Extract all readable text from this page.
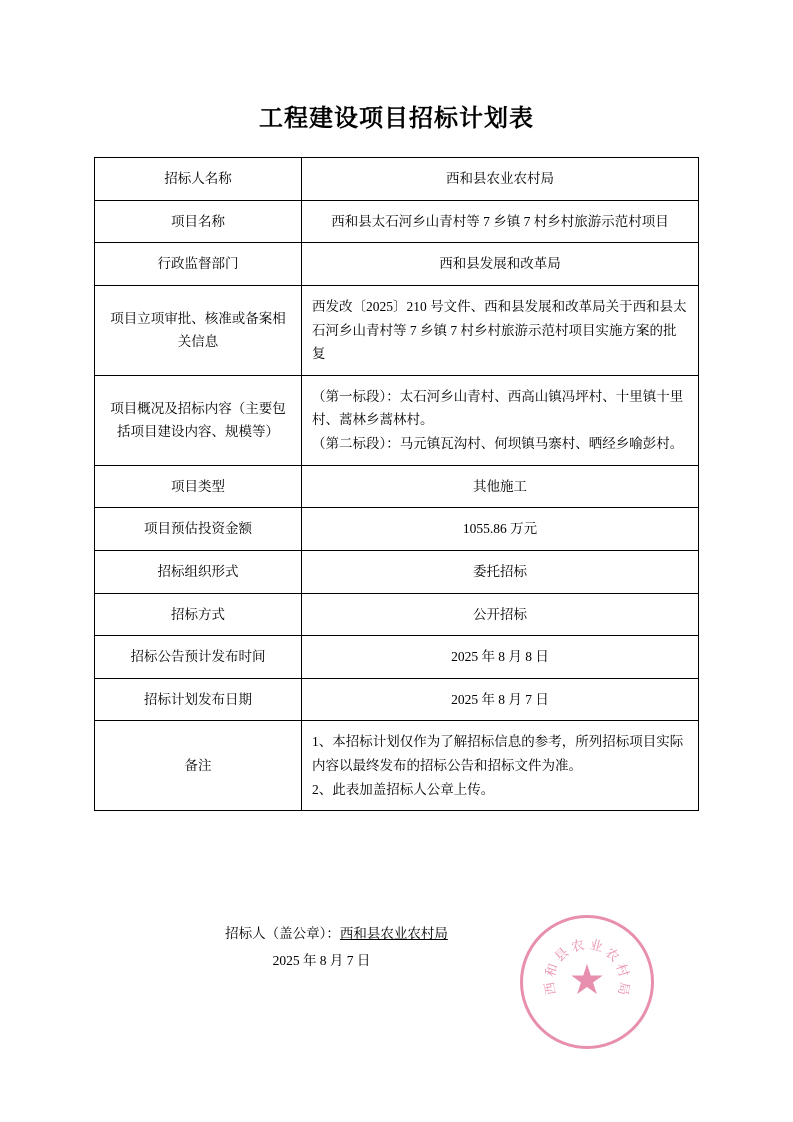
工程建设项目招标计划表
招标人名称	西和县农业农村局
项目名称	西和县太石河乡山青村等 7 乡镇 7 村乡村旅游示范村项目
行政监督部门	西和县发展和改革局
项目立项审批、核准或备案相关信息	西发改〔2025〕210 号文件、西和县发展和改革局关于西和县太石河乡山青村等 7 乡镇 7 村乡村旅游示范村项目实施方案的批复
项目概况及招标内容（主要包括项目建设内容、规模等）	（第一标段）：太石河乡山青村、西高山镇冯坪村、十里镇十里村、蒿林乡蒿林村。
（第二标段）：马元镇瓦沟村、何坝镇马寨村、晒经乡喻彭村。

项目类型	其他施工
项目预估投资金额	1055.86 万元
招标组织形式	委托招标
招标方式	公开招标
招标公告预计发布时间	2025 年 8 月 8 日
招标计划发布日期	2025 年 8 月 7 日
备注	1、本招标计划仅作为了解招标信息的参考，所列招标项目实际内容以最终发布的招标公告和招标文件为准。
2、此表加盖招标人公章上传。
招标人（盖公章）：西和县农业农村局
2025 年 8 月 7 日
★
西
和
县
农 业
农
村
局
